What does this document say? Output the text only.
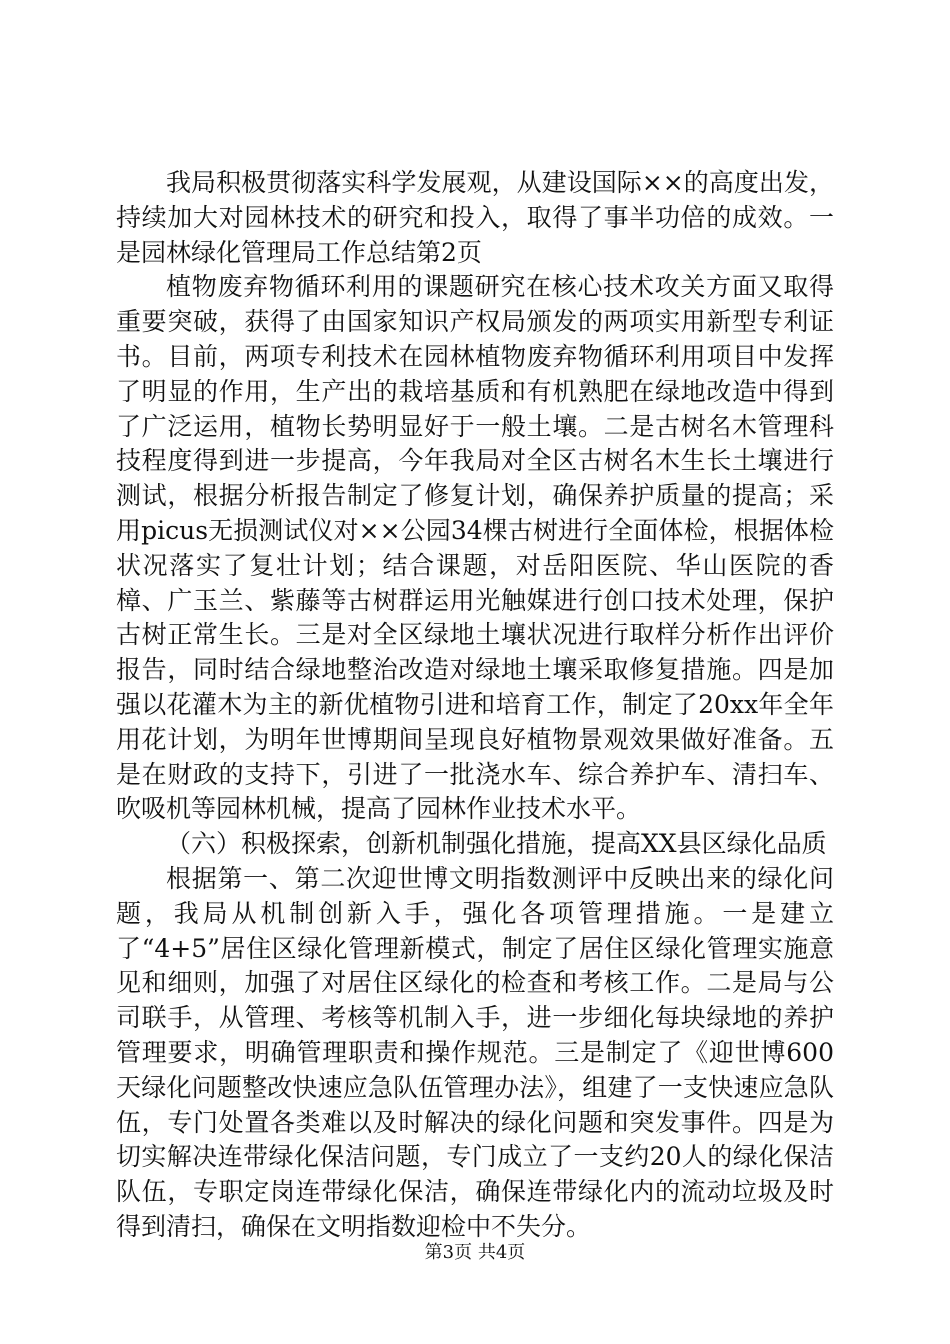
我局积极贯彻落实科学发展观，从建设国际××的高度出发，持续加大对园林技术的研究和投入，取得了事半功倍的成效。一是园林绿化管理局工作总结第2页

植物废弃物循环利用的课题研究在核心技术攻关方面又取得重要突破，获得了由国家知识产权局颁发的两项实用新型专利证书。目前，两项专利技术在园林植物废弃物循环利用项目中发挥了明显的作用，生产出的栽培基质和有机熟肥在绿地改造中得到了广泛运用，植物长势明显好于一般土壤。二是古树名木管理科技程度得到进一步提高，今年我局对全区古树名木生长土壤进行测试，根据分析报告制定了修复计划，确保养护质量的提高；采用picus无损测试仪对××公园34棵古树进行全面体检，根据体检状况落实了复壮计划；结合课题，对岳阳医院、华山医院的香樟、广玉兰、紫藤等古树群运用光触媒进行创口技术处理，保护古树正常生长。三是对全区绿地土壤状况进行取样分析作出评价报告，同时结合绿地整治改造对绿地土壤采取修复措施。四是加强以花灌木为主的新优植物引进和培育工作，制定了20xx年全年用花计划，为明年世博期间呈现良好植物景观效果做好准备。五是在财政的支持下，引进了一批浇水车、综合养护车、清扫车、吹吸机等园林机械，提高了园林作业技术水平。

（六）积极探索，创新机制强化措施，提高XX县区绿化品质

根据第一、第二次迎世博文明指数测评中反映出来的绿化问题，我局从机制创新入手，强化各项管理措施。一是建立了“4+5”居住区绿化管理新模式，制定了居住区绿化管理实施意见和细则，加强了对居住区绿化的检查和考核工作。二是局与公司联手，从管理、考核等机制入手，进一步细化每块绿地的养护管理要求，明确管理职责和操作规范。三是制定了《迎世博600天绿化问题整改快速应急队伍管理办法》，组建了一支快速应急队伍，专门处置各类难以及时解决的绿化问题和突发事件。四是为切实解决连带绿化保洁问题，专门成立了一支约20人的绿化保洁队伍，专职定岗连带绿化保洁，确保连带绿化内的流动垃圾及时得到清扫，确保在文明指数迎检中不失分。

第3页 共4页
